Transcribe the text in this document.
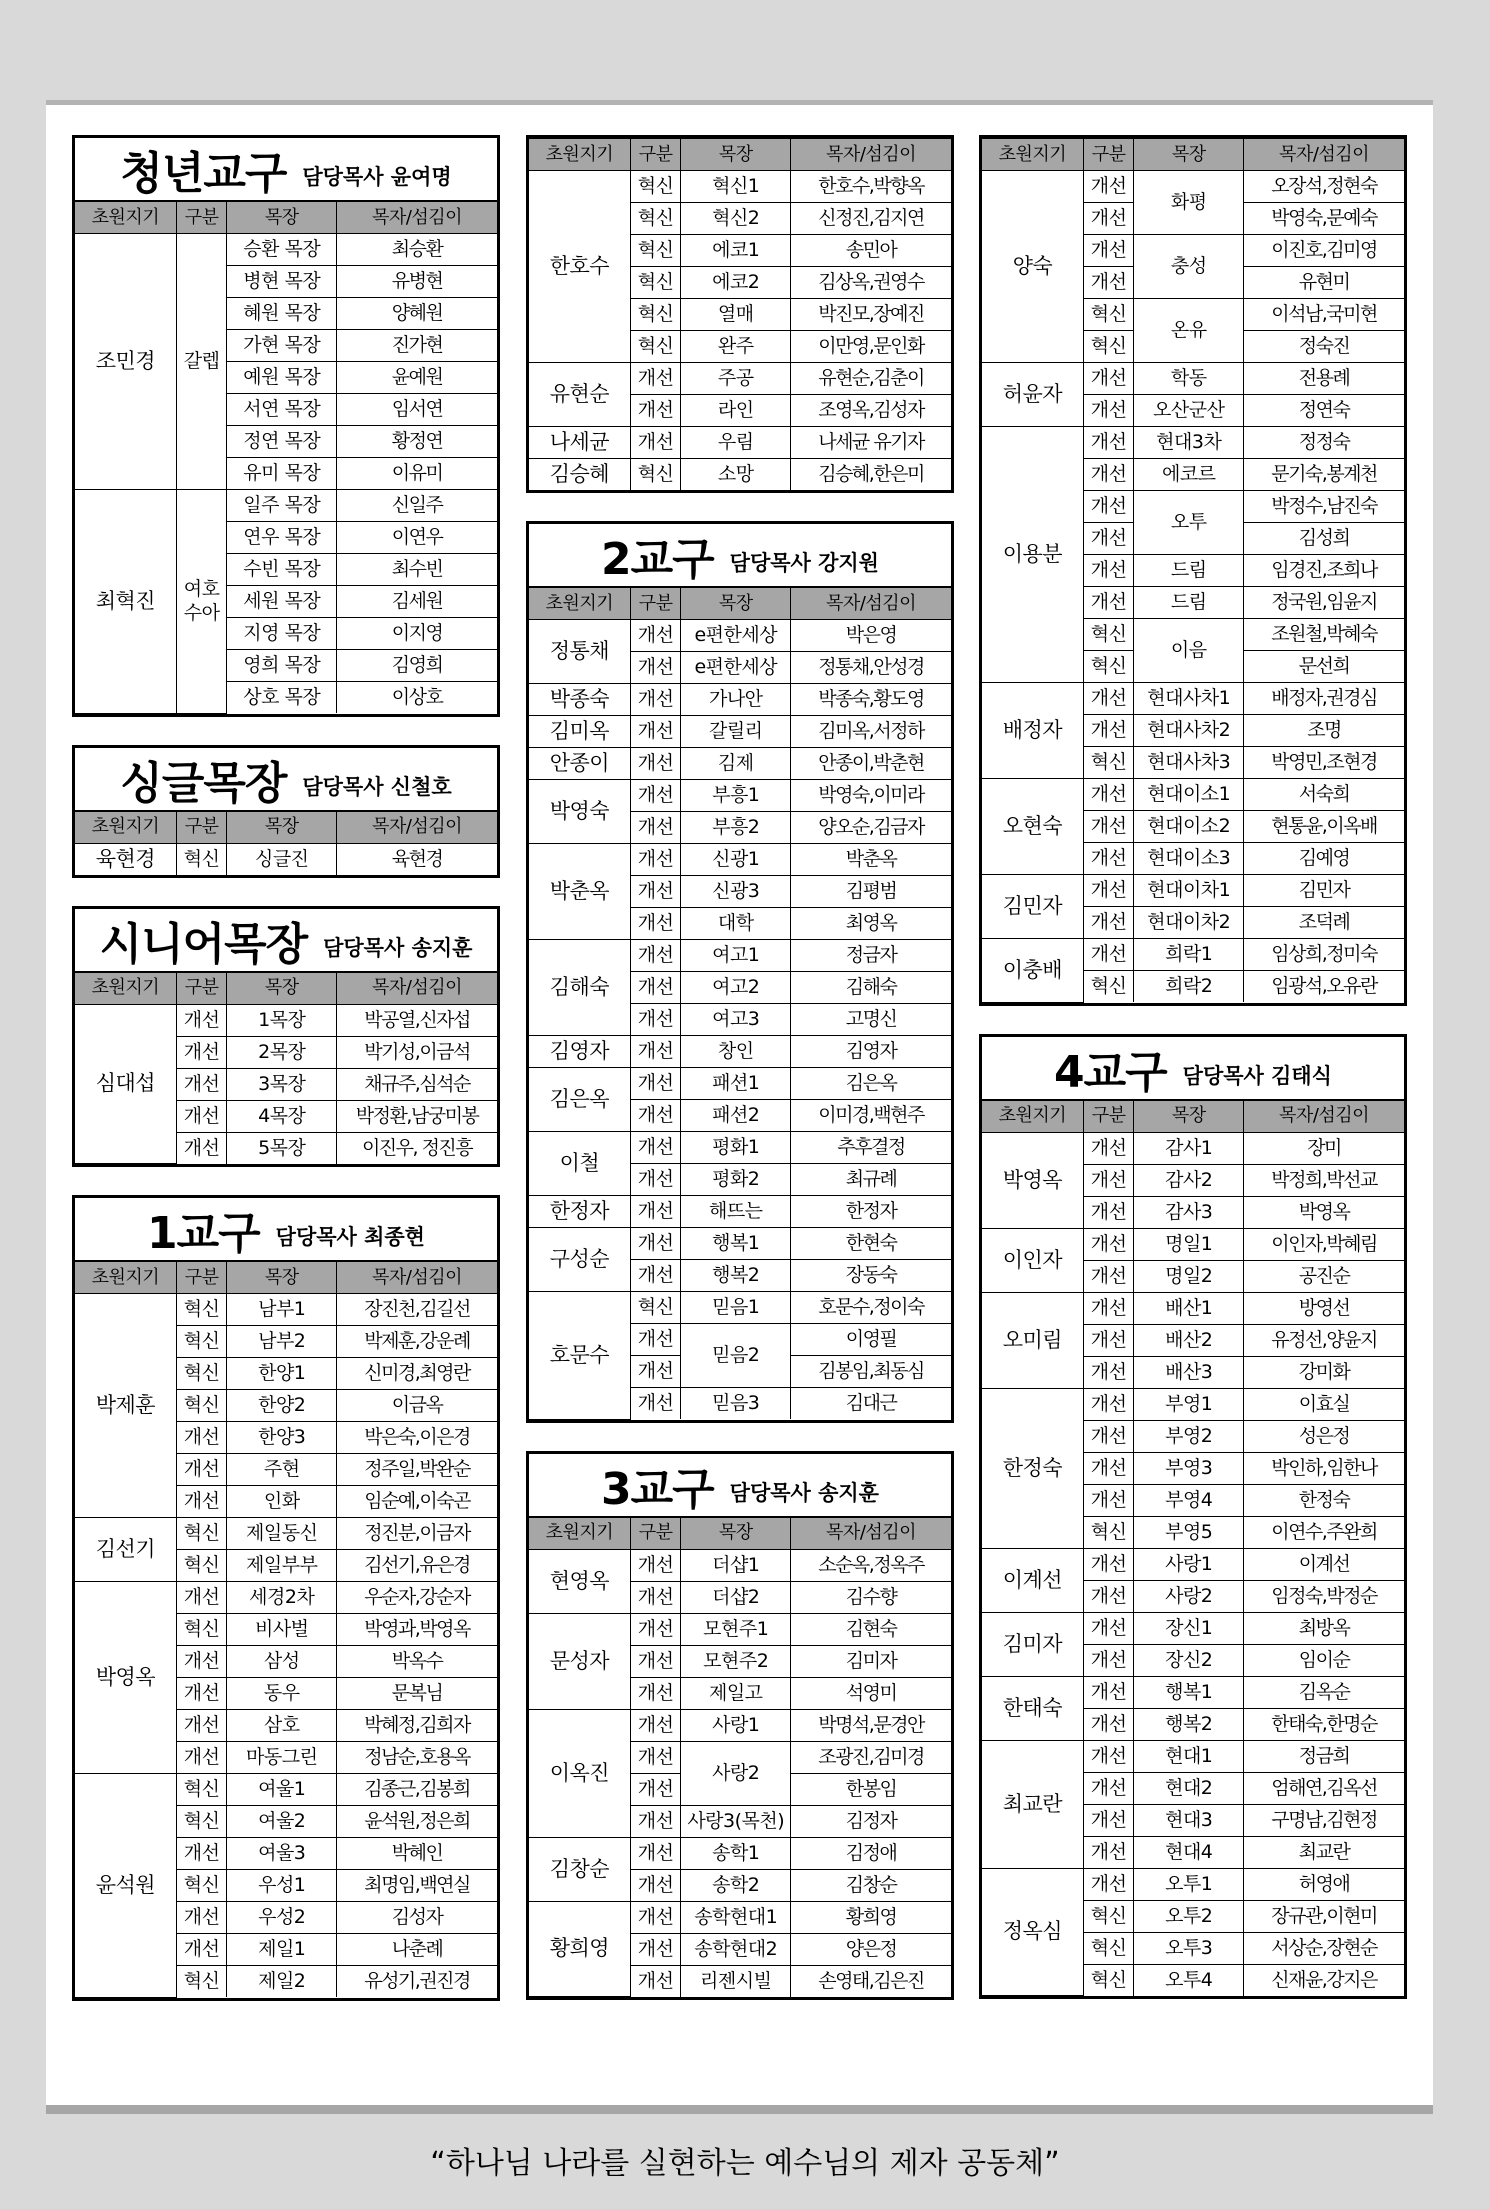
청년교구 담당목사 윤여명
초원지기	구분	목장	목자/섬김이
조민경	갈렙	승환 목장	최승환
		병현 목장	유병현
		혜원 목장	양혜원
		가현 목장	진가현
		예원 목장	윤예원
		서연 목장	임서연
		정연 목장	황정연
		유미 목장	이유미
최혁진	여호수아	일주 목장	신일주
		연우 목장	이연우
		수빈 목장	최수빈
		세원 목장	김세원
		지영 목장	이지영
		영희 목장	김영희
		상호 목장	이상호
싱글목장 담당목사 신철호
초원지기	구분	목장	목자/섬김이
육현경	혁신	싱글진	육현경
시니어목장 담당목사 송지훈
초원지기	구분	목장	목자/섬김이
심대섭	개선	1목장	박공열,신자섭
	개선	2목장	박기성,이금석
	개선	3목장	채규주,심석순
	개선	4목장	박정환,남궁미봉
	개선	5목장	이진우, 정진흥
1교구 담당목사 최종현
초원지기	구분	목장	목자/섬김이
박제훈	혁신	남부1	장진천,김길선
	혁신	남부2	박제훈,강운례
	혁신	한양1	신미경,최영란
	혁신	한양2	이금옥
	개선	한양3	박은숙,이은경
	개선	주현	정주일,박완순
	개선	인화	임순예,이숙곤
김선기	혁신	제일동신	정진분,이금자
	혁신	제일부부	김선기,유은경
박영옥	개선	세경2차	우순자,강순자
	혁신	비사벌	박영과,박영옥
	개선	삼성	박옥수
	개선	동우	문복님
	개선	삼호	박혜정,김희자
	개선	마동그린	정남순,호용옥
윤석원	혁신	여울1	김종근,김봉희
	혁신	여울2	윤석원,정은희
	개선	여울3	박혜인
	혁신	우성1	최명임,백연실
	개선	우성2	김성자
	개선	제일1	나춘례
	혁신	제일2	유성기,권진경
초원지기	구분	목장	목자/섬김이
한호수	혁신	혁신1	한호수,박향옥
	혁신	혁신2	신정진,김지연
	혁신	에코1	송민아
	혁신	에코2	김상옥,권영수
	혁신	열매	박진모,장예진
	혁신	완주	이만영,문인화
유현순	개선	주공	유현순,김춘이
	개선	라인	조영옥,김성자
나세균	개선	우림	나세균 유기자
김승혜	혁신	소망	김승혜,한은미
2교구 담당목사 강지원
초원지기	구분	목장	목자/섬김이
정통채	개선	e편한세상	박은영
	개선	e편한세상	정통채,안성경
박종숙	개선	가나안	박종숙,황도영
김미옥	개선	갈릴리	김미옥,서정하
안종이	개선	김제	안종이,박춘현
박영숙	개선	부흥1	박영숙,이미라
	개선	부흥2	양오순,김금자
박춘옥	개선	신광1	박춘옥
	개선	신광3	김평범
	개선	대학	최영옥
김해숙	개선	여고1	정금자
	개선	여고2	김해숙
	개선	여고3	고명신
김영자	개선	창인	김영자
김은옥	개선	패션1	김은옥
	개선	패션2	이미경,백현주
이철	개선	평화1	추후결정
	개선	평화2	최규례
한정자	개선	해뜨는	한정자
구성순	개선	행복1	한현숙
	개선	행복2	장동숙
호문수	혁신	믿음1	호문수,정이숙
	개선	믿음2	이영필
	개선		김봉임,최동심
	개선	믿음3	김대근
3교구 담당목사 송지훈
초원지기	구분	목장	목자/섬김이
현영옥	개선	더샵1	소순옥,정옥주
	개선	더샵2	김수향
문성자	개선	모현주1	김현숙
	개선	모현주2	김미자
	개선	제일고	석영미
이옥진	개선	사랑1	박명석,문경안
	개선	사랑2	조광진,김미경
	개선		한봉임
	개선	사랑3(목천)	김정자
김창순	개선	송학1	김정애
	개선	송학2	김창순
황희영	개선	송학현대1	황희영
	개선	송학현대2	양은정
	개선	리젠시빌	손영태,김은진
초원지기	구분	목장	목자/섬김이
양숙	개선	화평	오장석,정현숙
	개선		박영숙,문예숙
	개선	충성	이진호,김미영
	개선		유현미
	혁신	온유	이석남,국미현
	혁신		정숙진
허윤자	개선	학동	전용례
	개선	오산군산	정연숙
이용분	개선	현대3차	정정숙
	개선	에코르	문기숙,봉계천
	개선	오투	박정수,남진숙
	개선		김성희
	개선	드림	임경진,조희나
	개선	드림	정국원,임윤지
	혁신	이음	조원철,박혜숙
	혁신		문선희
배정자	개선	현대사차1	배정자,권경심
	개선	현대사차2	조명
	혁신	현대사차3	박영민,조현경
오현숙	개선	현대이소1	서숙희
	개선	현대이소2	현통윤,이옥배
	개선	현대이소3	김예영
김민자	개선	현대이차1	김민자
	개선	현대이차2	조덕례
이충배	개선	희락1	임상희,정미숙
	혁신	희락2	임광석,오유란
4교구 담당목사 김태식
초원지기	구분	목장	목자/섬김이
박영옥	개선	감사1	장미
	개선	감사2	박정희,박선교
	개선	감사3	박영옥
이인자	개선	명일1	이인자,박혜림
	개선	명일2	공진순
오미림	개선	배산1	방영선
	개선	배산2	유정선,양윤지
	개선	배산3	강미화
한정숙	개선	부영1	이효실
	개선	부영2	성은정
	개선	부영3	박인하,임한나
	개선	부영4	한정숙
	혁신	부영5	이연수,주완희
이계선	개선	사랑1	이계선
	개선	사랑2	임정숙,박정순
김미자	개선	장신1	최방옥
	개선	장신2	임이순
한태숙	개선	행복1	김옥순
	개선	행복2	한태숙,한명순
최교란	개선	현대1	정금희
	개선	현대2	엄해연,김옥선
	개선	현대3	구명남,김현정
	개선	현대4	최교란
정옥심	개선	오투1	허영애
	혁신	오투2	장규관,이현미
	혁신	오투3	서상순,장현순
	혁신	오투4	신재윤,강지은
“하나님 나라를 실현하는 예수님의 제자 공동체”
